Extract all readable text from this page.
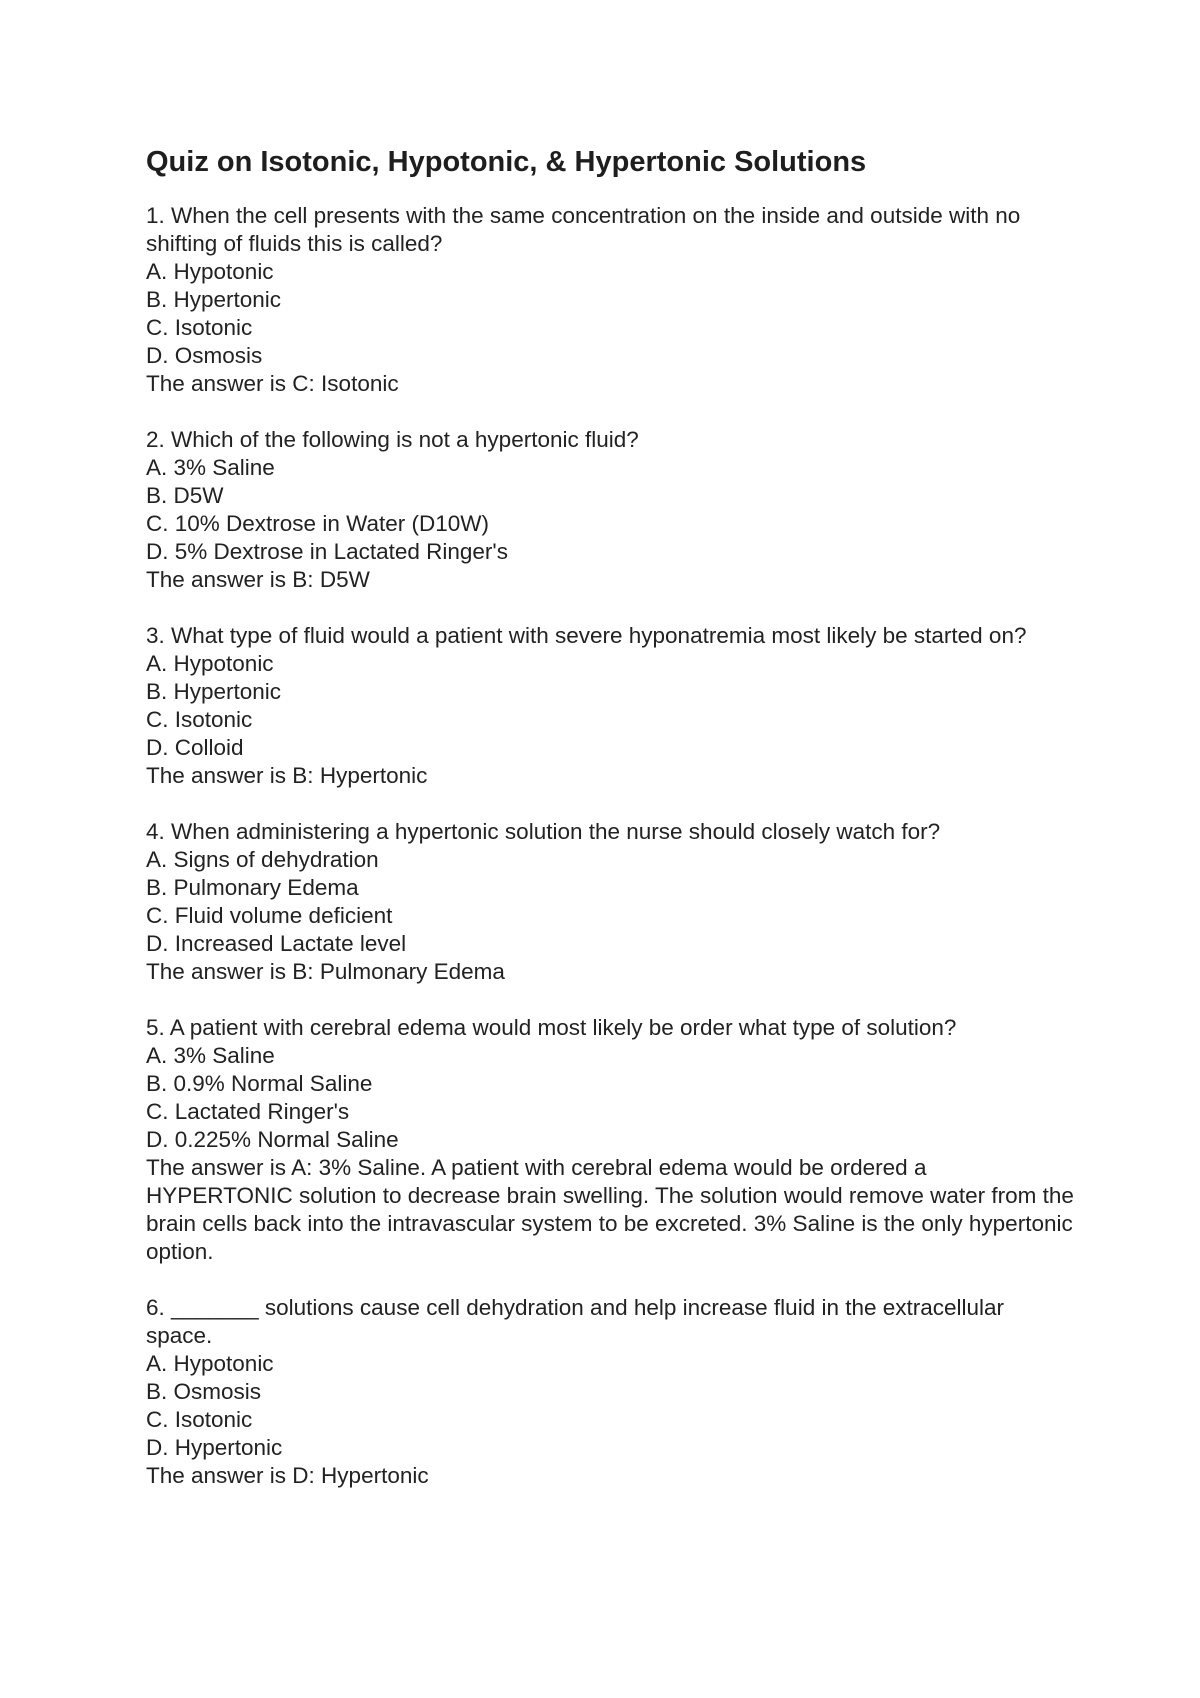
Quiz on Isotonic, Hypotonic, & Hypertonic Solutions
1. When the cell presents with the same concentration on the inside and outside with no shifting of fluids this is called?
A. Hypotonic
B. Hypertonic
C. Isotonic
D. Osmosis
The answer is C: Isotonic
2. Which of the following is not a hypertonic fluid?
A. 3% Saline
B. D5W
C. 10% Dextrose in Water (D10W)
D. 5% Dextrose in Lactated Ringer's
The answer is B: D5W
3. What type of fluid would a patient with severe hyponatremia most likely be started on?
A. Hypotonic
B. Hypertonic
C. Isotonic
D. Colloid
The answer is B: Hypertonic
4. When administering a hypertonic solution the nurse should closely watch for?
A. Signs of dehydration
B. Pulmonary Edema
C. Fluid volume deficient
D. Increased Lactate level
The answer is B: Pulmonary Edema
5. A patient with cerebral edema would most likely be order what type of solution?
A. 3% Saline
B. 0.9% Normal Saline
C. Lactated Ringer's
D. 0.225% Normal Saline
The answer is A: 3% Saline. A patient with cerebral edema would be ordered a HYPERTONIC solution to decrease brain swelling. The solution would remove water from the brain cells back into the intravascular system to be excreted. 3% Saline is the only hypertonic option.
6. _______ solutions cause cell dehydration and help increase fluid in the extracellular space.
A. Hypotonic
B. Osmosis
C. Isotonic
D. Hypertonic
The answer is D: Hypertonic
